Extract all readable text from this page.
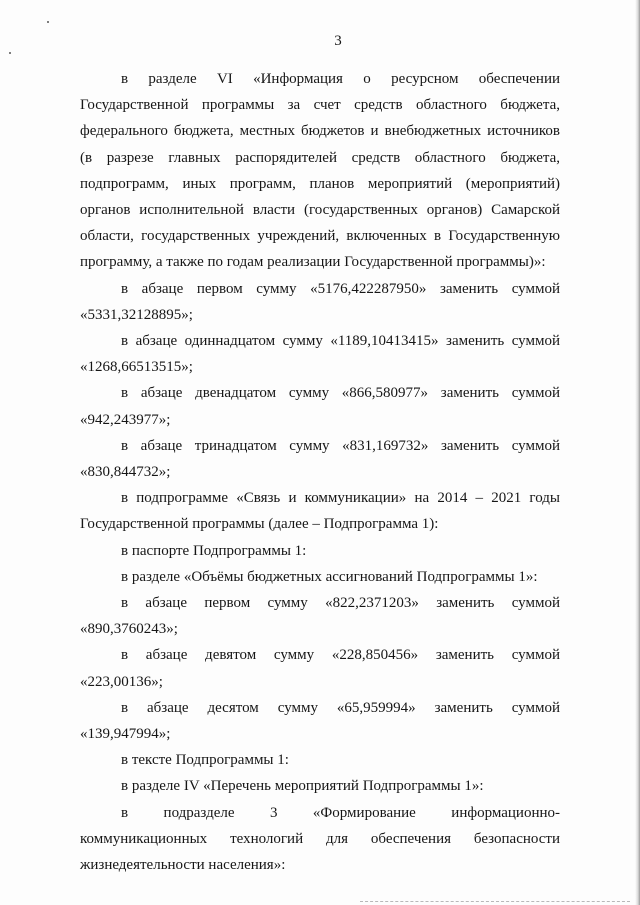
3

в разделе VI «Информация о ресурсном обеспечении Государственной программы за счет средств областного бюджета, федерального бюджета, местных бюджетов и внебюджетных источников (в разрезе главных распорядителей средств областного бюджета, подпрограмм, иных программ, планов мероприятий (мероприятий) органов исполнительной власти (государственных органов) Самарской области, государственных учреждений, включенных в Государственную программу, а также по годам реализации Государственной программы)»:

в абзаце первом сумму «5176,422287950» заменить суммой «5331,32128895»;

в абзаце одиннадцатом сумму «1189,10413415» заменить суммой «1268,66513515»;

в абзаце двенадцатом сумму «866,580977» заменить суммой «942,243977»;

в абзаце тринадцатом сумму «831,169732» заменить суммой «830,844732»;

в подпрограмме «Связь и коммуникации» на 2014 – 2021 годы Государственной программы (далее – Подпрограмма 1):

в паспорте Подпрограммы 1:

в разделе «Объёмы бюджетных ассигнований Подпрограммы 1»:

в абзаце первом сумму «822,2371203» заменить суммой «890,3760243»;

в абзаце девятом сумму «228,850456» заменить суммой «223,00136»;

в абзаце десятом сумму «65,959994» заменить суммой «139,947994»;

в тексте Подпрограммы 1:

в разделе IV «Перечень мероприятий Подпрограммы 1»:

в подразделе 3 «Формирование информационно-коммуникационных технологий для обеспечения безопасности жизнедеятельности населения»:
